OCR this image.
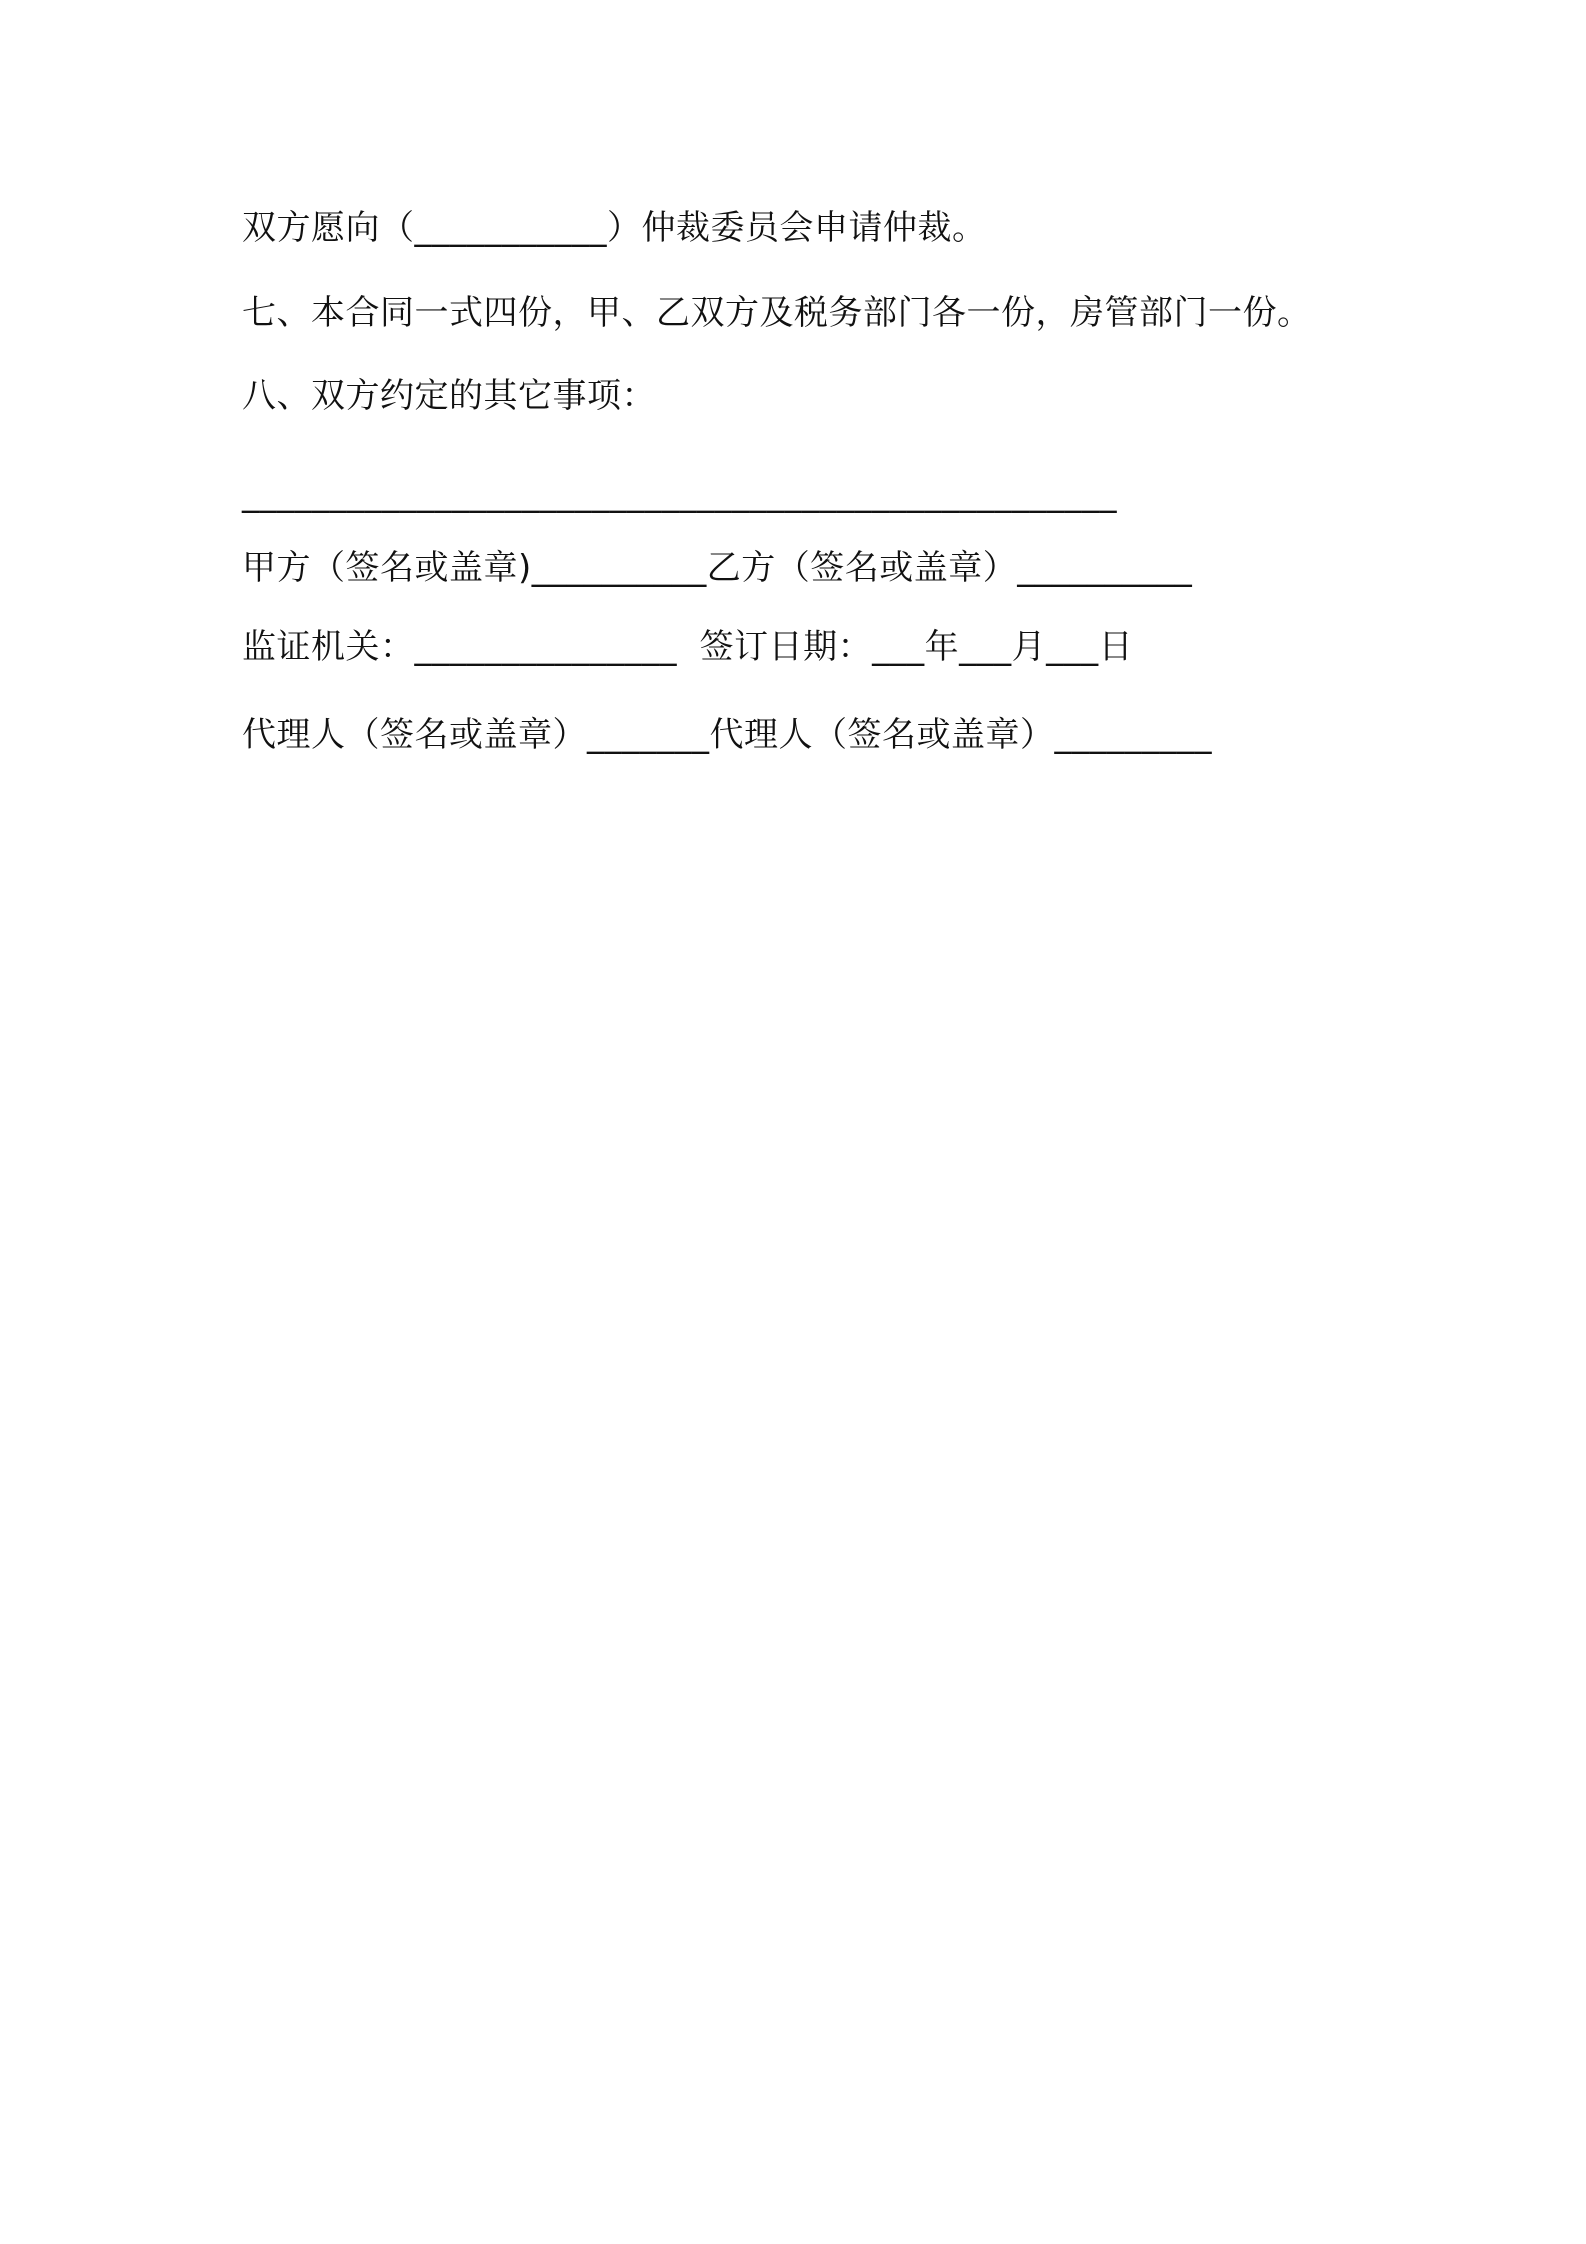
双方愿向（___________）仲裁委员会申请仲裁。
七、本合同一式四份，甲、乙双方及税务部门各一份，房管部门一份。
八、双方约定的其它事项：
__________________________________________________
甲方（签名或盖章)__________乙方（签名或盖章）__________
监证机关：_______________  签订日期：___年___月___日
代理人（签名或盖章）_______代理人（签名或盖章）_________
